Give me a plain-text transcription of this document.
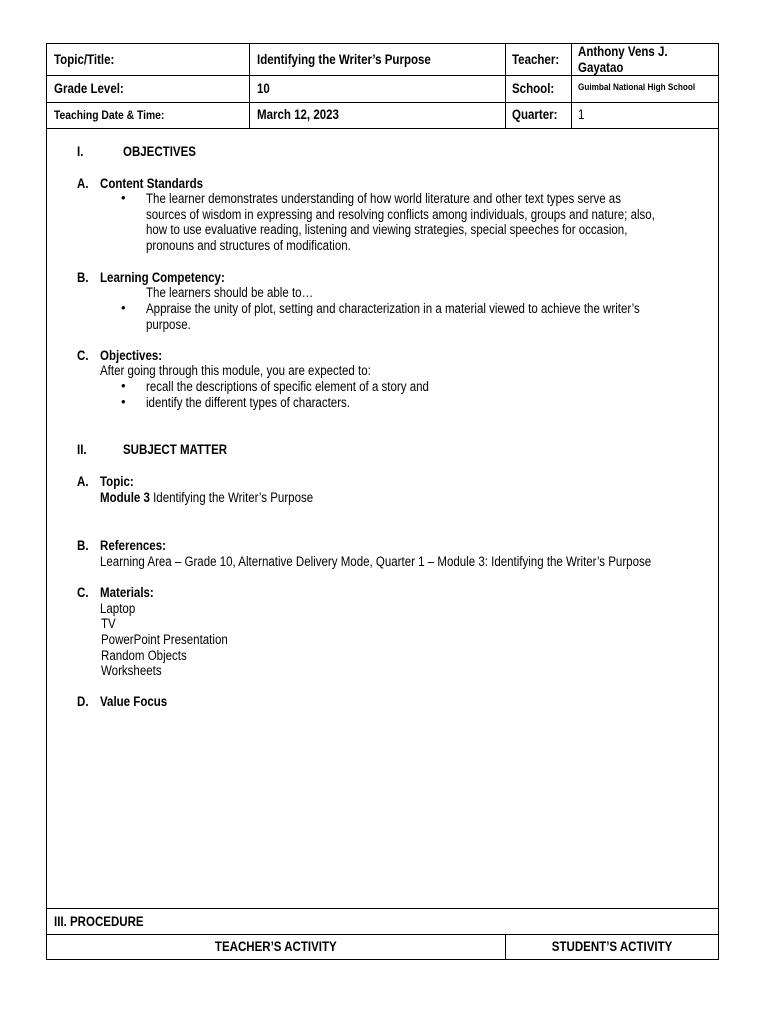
Topic/Title:	Identifying the Writer’s Purpose	Teacher:
Anthony Vens J.
Gayatao
Grade Level:	10	School:	Guimbal National High School
Teaching Date & Time:	March 12, 2023	Quarter: 1
I.	OBJECTIVES
A. Content Standards
• The learner demonstrates understanding of how world literature and other text types serve as
sources of wisdom in expressing and resolving conflicts among individuals, groups and nature; also,
how to use evaluative reading, listening and viewing strategies, special speeches for occasion,
pronouns and structures of modification.
B. Learning Competency:
The learners should be able to…
• Appraise the unity of plot, setting and characterization in a material viewed to achieve the writer’s
purpose.
C. Objectives:
After going through this module, you are expected to:
• recall the descriptions of specific element of a story and
• identify the different types of characters.
II.	SUBJECT MATTER
A. Topic:
Module 3 Identifying the Writer’s Purpose
B. References:
Learning Area – Grade 10, Alternative Delivery Mode, Quarter 1 – Module 3: Identifying the Writer’s Purpose
C. Materials:
Laptop
TV
PowerPoint Presentation
Random Objects
Worksheets
D. Value Focus
III. PROCEDURE
TEACHER’S ACTIVITY	STUDENT’S ACTIVITY
